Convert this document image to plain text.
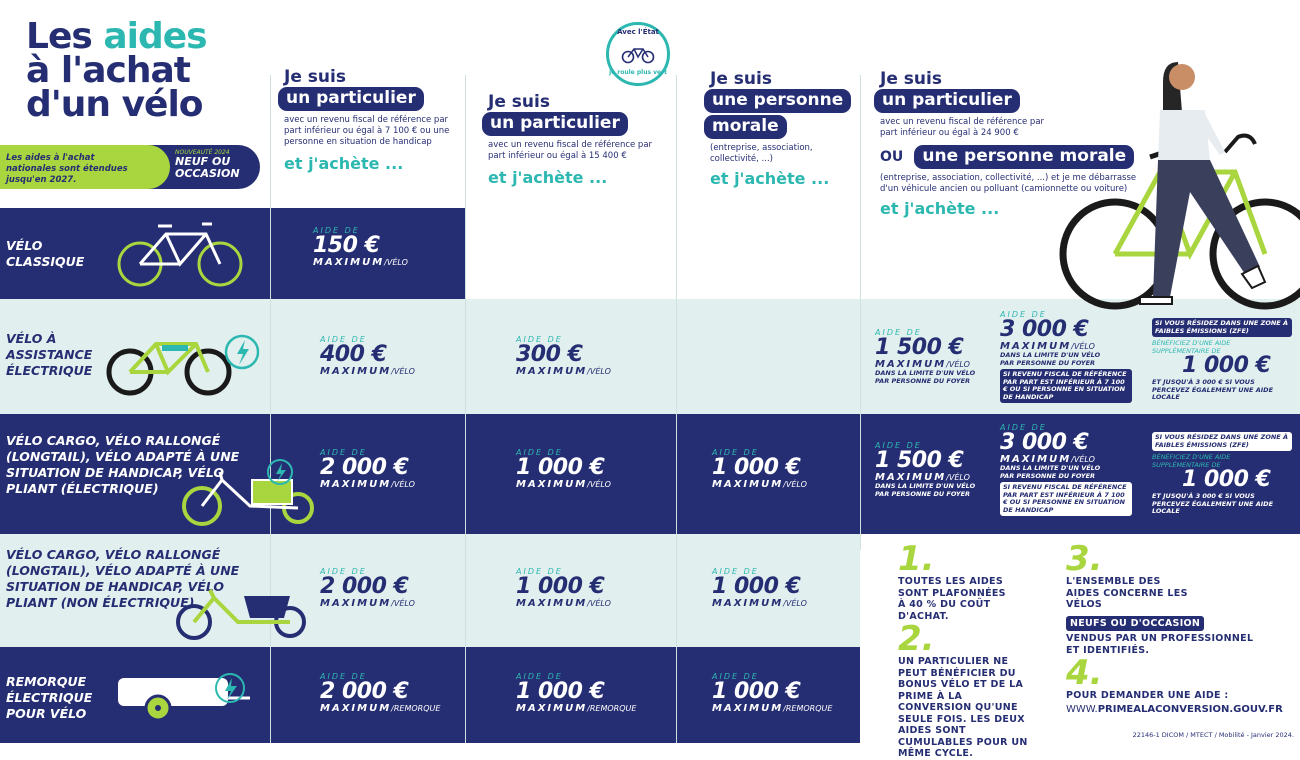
Les aides
à l'achat
d'un vélo
Les aides à l'achat nationales sont étendues jusqu'en 2027.
NOUVEAUTÉ 2024
NEUF OU
OCCASION
Avec l'État
je roule plus vert
Je suis
un particulier
avec un revenu fiscal de référence par part inférieur ou égal à 7 100 € ou une personne en situation de handicap
et j'achète ...
Je suis
un particulier
avec un revenu fiscal de référence par part inférieur ou égal à 15 400 €
et j'achète ...
Je suis
une personne
morale
(entreprise, association, collectivité, ...)
et j'achète ...
Je suis
un particulier
avec un revenu fiscal de référence par part inférieur ou égal à 24 900 €
OU une personne morale
(entreprise, association, collectivité, ...) et je me débarrasse d'un véhicule ancien ou polluant (camionnette ou voiture)
et j'achète ...
VÉLO CLASSIQUE
VÉLO À ASSISTANCE ÉLECTRIQUE
VÉLO CARGO, VÉLO RALLONGÉ (LONGTAIL), VÉLO ADAPTÉ À UNE SITUATION DE HANDICAP, VÉLO PLIANT (ÉLECTRIQUE)
VÉLO CARGO, VÉLO RALLONGÉ (LONGTAIL), VÉLO ADAPTÉ À UNE SITUATION DE HANDICAP, VÉLO PLIANT (NON ÉLECTRIQUE)
REMORQUE ÉLECTRIQUE POUR VÉLO
AIDE DE
150 €
MAXIMUM/VÉLO
AIDE DE
400 €
MAXIMUM/VÉLO
AIDE DE
300 €
MAXIMUM/VÉLO
AIDE DE
2 000 €
MAXIMUM/VÉLO
AIDE DE
1 000 €
MAXIMUM/VÉLO
AIDE DE
1 000 €
MAXIMUM/VÉLO
AIDE DE
2 000 €
MAXIMUM/VÉLO
AIDE DE
1 000 €
MAXIMUM/VÉLO
AIDE DE
1 000 €
MAXIMUM/VÉLO
AIDE DE
2 000 €
MAXIMUM/REMORQUE
AIDE DE
1 000 €
MAXIMUM/REMORQUE
AIDE DE
1 000 €
MAXIMUM/REMORQUE
AIDE DE
1 500 €
MAXIMUM/VÉLO
DANS LA LIMITE D'UN VÉLO PAR PERSONNE DU FOYER
AIDE DE
3 000 €
MAXIMUM/VÉLO
DANS LA LIMITE D'UN VÉLO PAR PERSONNE DU FOYER
SI REVENU FISCAL DE RÉFÉRENCE PAR PART EST INFÉRIEUR À 7 100 € OU SI PERSONNE EN SITUATION DE HANDICAP
SI VOUS RÉSIDEZ DANS UNE ZONE À FAIBLES ÉMISSIONS (ZFE)
BÉNÉFICIEZ D'UNE AIDE SUPPLÉMENTAIRE DE
1 000 €
ET JUSQU'À 3 000 € SI VOUS PERCEVEZ ÉGALEMENT UNE AIDE LOCALE
AIDE DE
1 500 €
MAXIMUM/VÉLO
DANS LA LIMITE D'UN VÉLO PAR PERSONNE DU FOYER
AIDE DE
3 000 €
MAXIMUM/VÉLO
DANS LA LIMITE D'UN VÉLO PAR PERSONNE DU FOYER
SI REVENU FISCAL DE RÉFÉRENCE PAR PART EST INFÉRIEUR À 7 100 € OU SI PERSONNE EN SITUATION DE HANDICAP
SI VOUS RÉSIDEZ DANS UNE ZONE À FAIBLES ÉMISSIONS (ZFE)
BÉNÉFICIEZ D'UNE AIDE SUPPLÉMENTAIRE DE
1 000 €
ET JUSQU'À 3 000 € SI VOUS PERCEVEZ ÉGALEMENT UNE AIDE LOCALE
1.
TOUTES LES AIDES SONT PLAFONNÉES À 40 % DU COÛT D'ACHAT.
2.
UN PARTICULIER NE PEUT BÉNÉFICIER DU BONUS VÉLO ET DE LA PRIME À LA CONVERSION QU'UNE SEULE FOIS. LES DEUX AIDES SONT CUMULABLES POUR UN MÊME CYCLE.
3.
L'ENSEMBLE DES AIDES CONCERNE LES VÉLOS
NEUFS OU D'OCCASION
VENDUS PAR UN PROFESSIONNEL ET IDENTIFIÉS.
4.
POUR DEMANDER UNE AIDE :
WWW.PRIMEALACONVERSION.GOUV.FR
22146-1 DICOM / MTECT / Mobilité - Janvier 2024.
